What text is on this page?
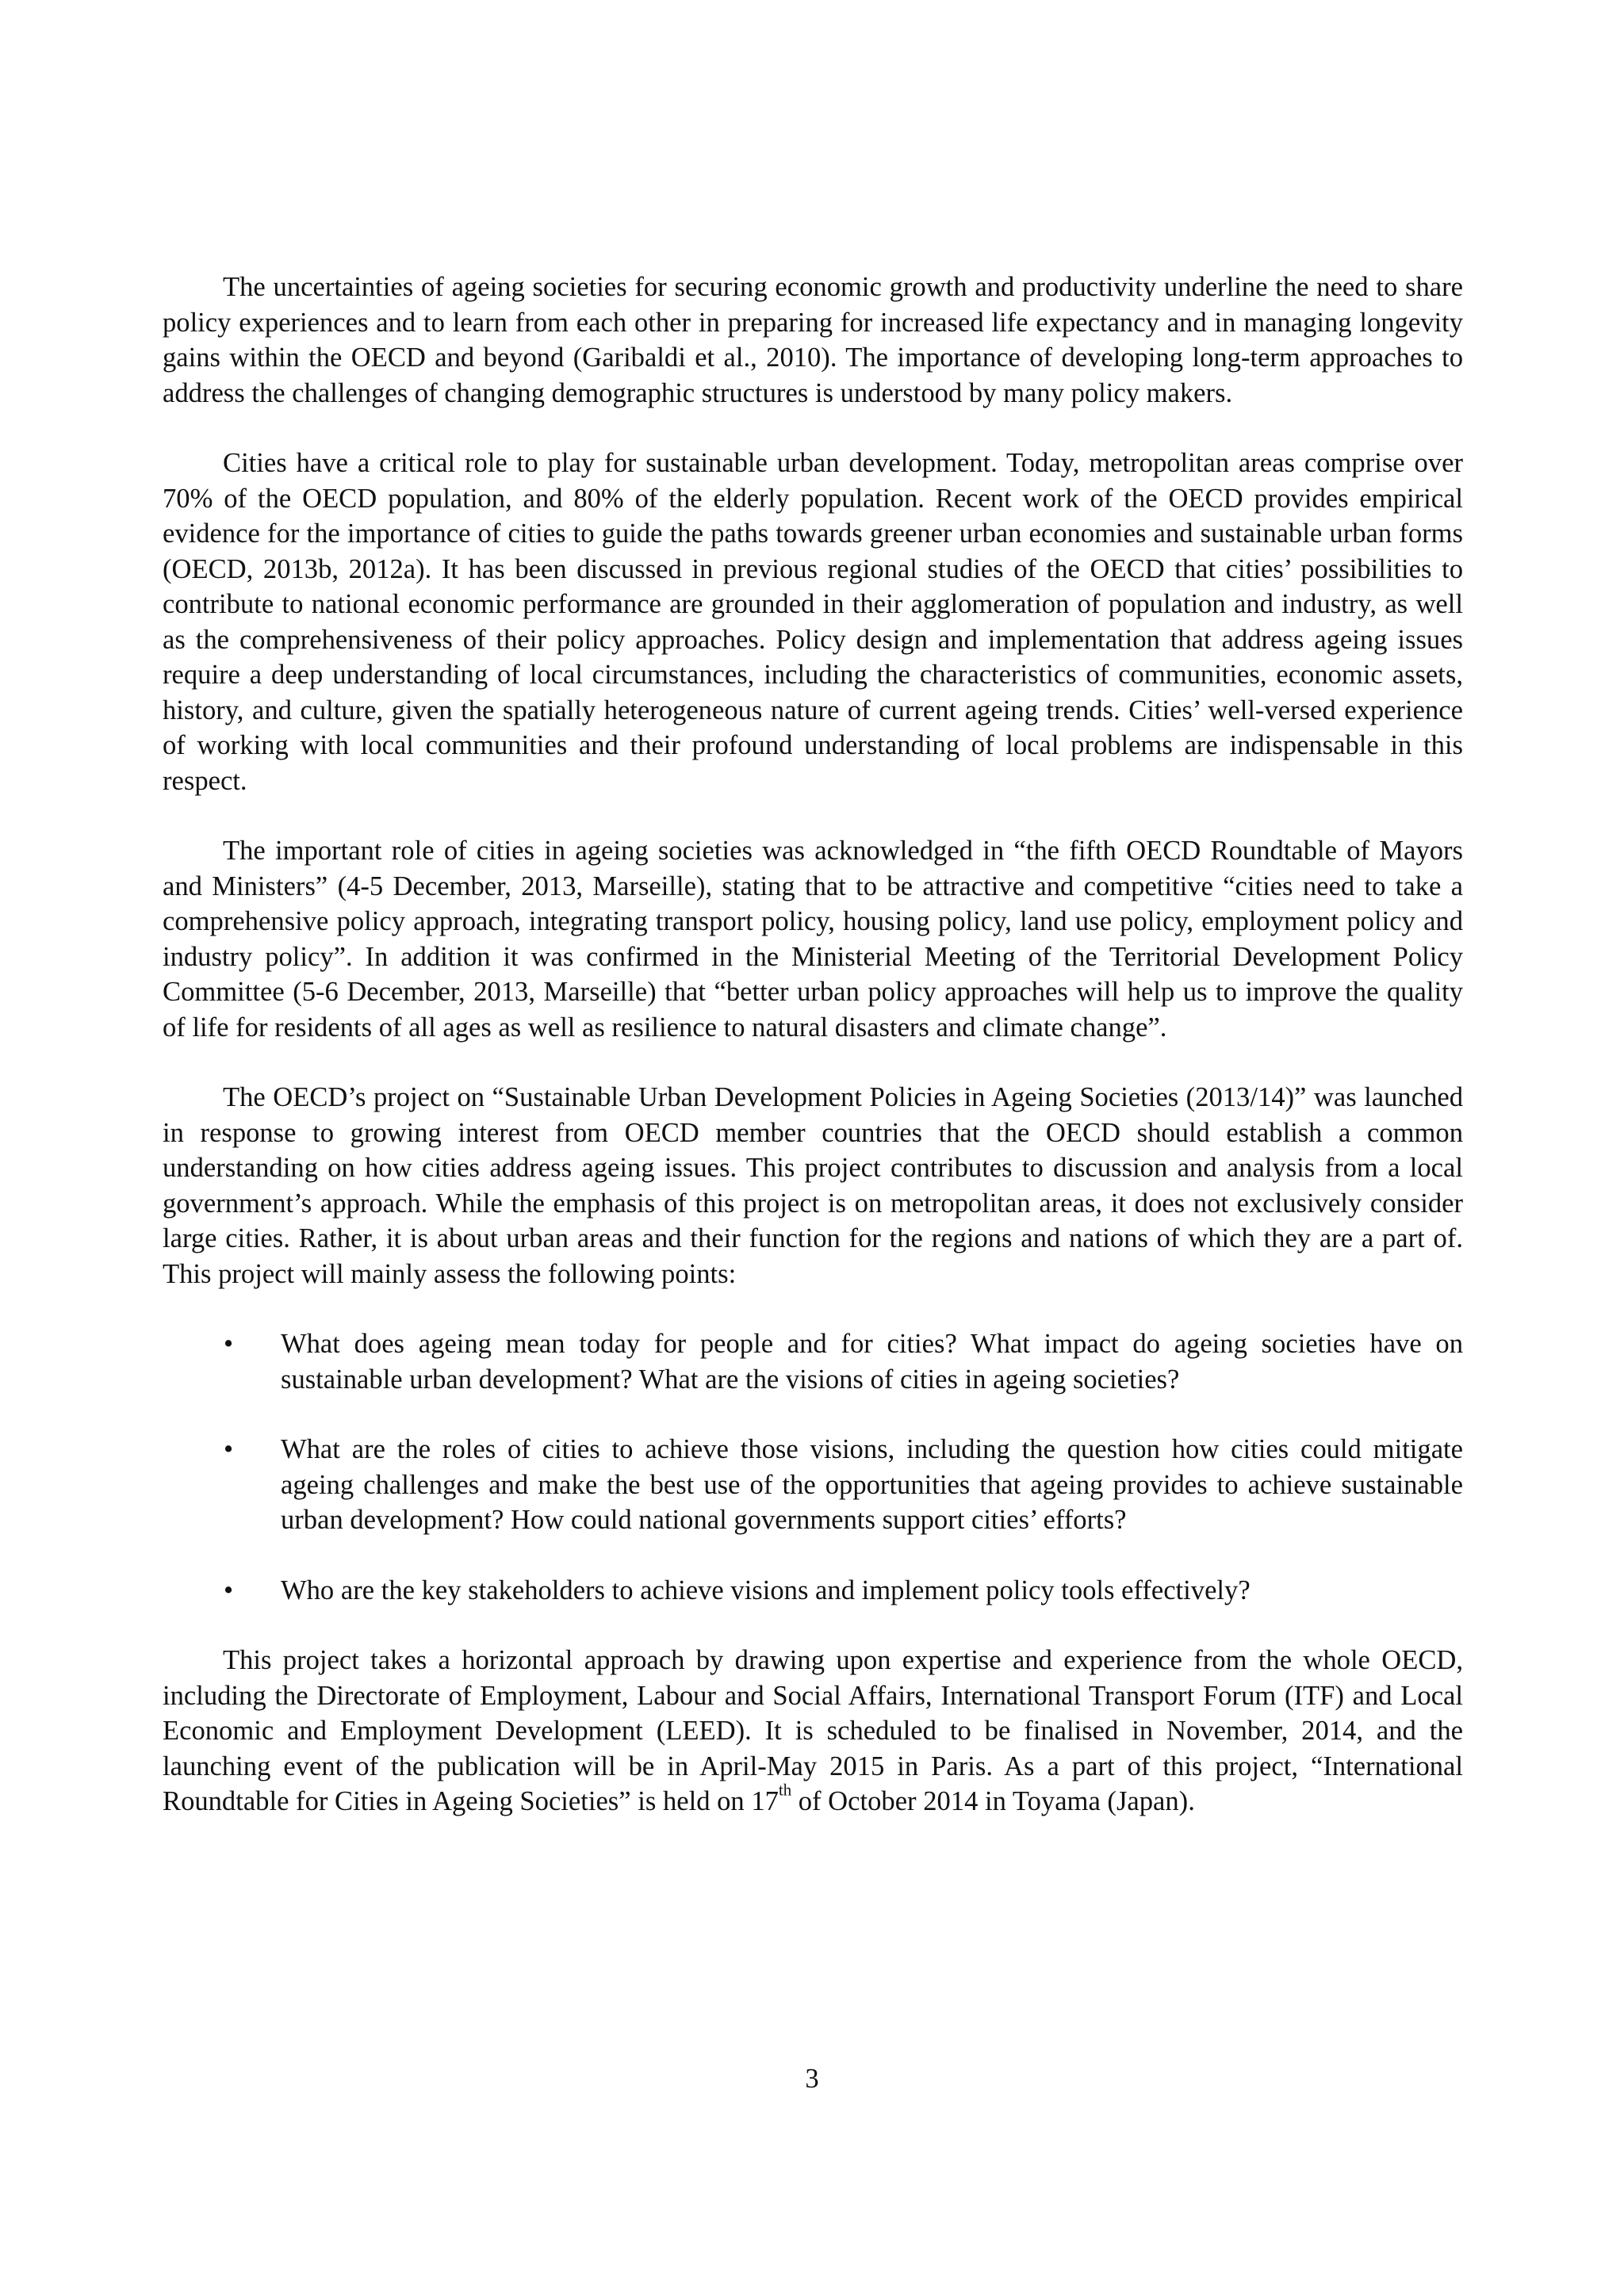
The uncertainties of ageing societies for securing economic growth and productivity underline the need to share policy experiences and to learn from each other in preparing for increased life expectancy and in managing longevity gains within the OECD and beyond (Garibaldi et al., 2010). The importance of developing long-term approaches to address the challenges of changing demographic structures is understood by many policy makers.

Cities have a critical role to play for sustainable urban development. Today, metropolitan areas comprise over 70% of the OECD population, and 80% of the elderly population. Recent work of the OECD provides empirical evidence for the importance of cities to guide the paths towards greener urban economies and sustainable urban forms (OECD, 2013b, 2012a). It has been discussed in previous regional studies of the OECD that cities’ possibilities to contribute to national economic performance are grounded in their agglomeration of population and industry, as well as the comprehensiveness of their policy approaches. Policy design and implementation that address ageing issues require a deep understanding of local circumstances, including the characteristics of communities, economic assets, history, and culture, given the spatially heterogeneous nature of current ageing trends. Cities’ well-versed experience of working with local communities and their profound understanding of local problems are indispensable in this respect.

The important role of cities in ageing societies was acknowledged in “the fifth OECD Roundtable of Mayors and Ministers” (4-5 December, 2013, Marseille), stating that to be attractive and competitive “cities need to take a comprehensive policy approach, integrating transport policy, housing policy, land use policy, employment policy and industry policy”. In addition it was confirmed in the Ministerial Meeting of the Territorial Development Policy Committee (5-6 December, 2013, Marseille) that “better urban policy approaches will help us to improve the quality of life for residents of all ages as well as resilience to natural disasters and climate change”.

The OECD’s project on “Sustainable Urban Development Policies in Ageing Societies (2013/14)” was launched in response to growing interest from OECD member countries that the OECD should establish a common understanding on how cities address ageing issues. This project contributes to discussion and analysis from a local government’s approach. While the emphasis of this project is on metropolitan areas, it does not exclusively consider large cities. Rather, it is about urban areas and their function for the regions and nations of which they are a part of. This project will mainly assess the following points:

•	What does ageing mean today for people and for cities? What impact do ageing societies have on sustainable urban development? What are the visions of cities in ageing societies?
•	What are the roles of cities to achieve those visions, including the question how cities could mitigate ageing challenges and make the best use of the opportunities that ageing provides to achieve sustainable urban development? How could national governments support cities’ efforts?
•	Who are the key stakeholders to achieve visions and implement policy tools effectively?

This project takes a horizontal approach by drawing upon expertise and experience from the whole OECD, including the Directorate of Employment, Labour and Social Affairs, International Transport Forum (ITF) and Local Economic and Employment Development (LEED). It is scheduled to be finalised in November, 2014, and the launching event of the publication will be in April-May 2015 in Paris. As a part of this project, “International Roundtable for Cities in Ageing Societies” is held on 17th of October 2014 in Toyama (Japan).

3
